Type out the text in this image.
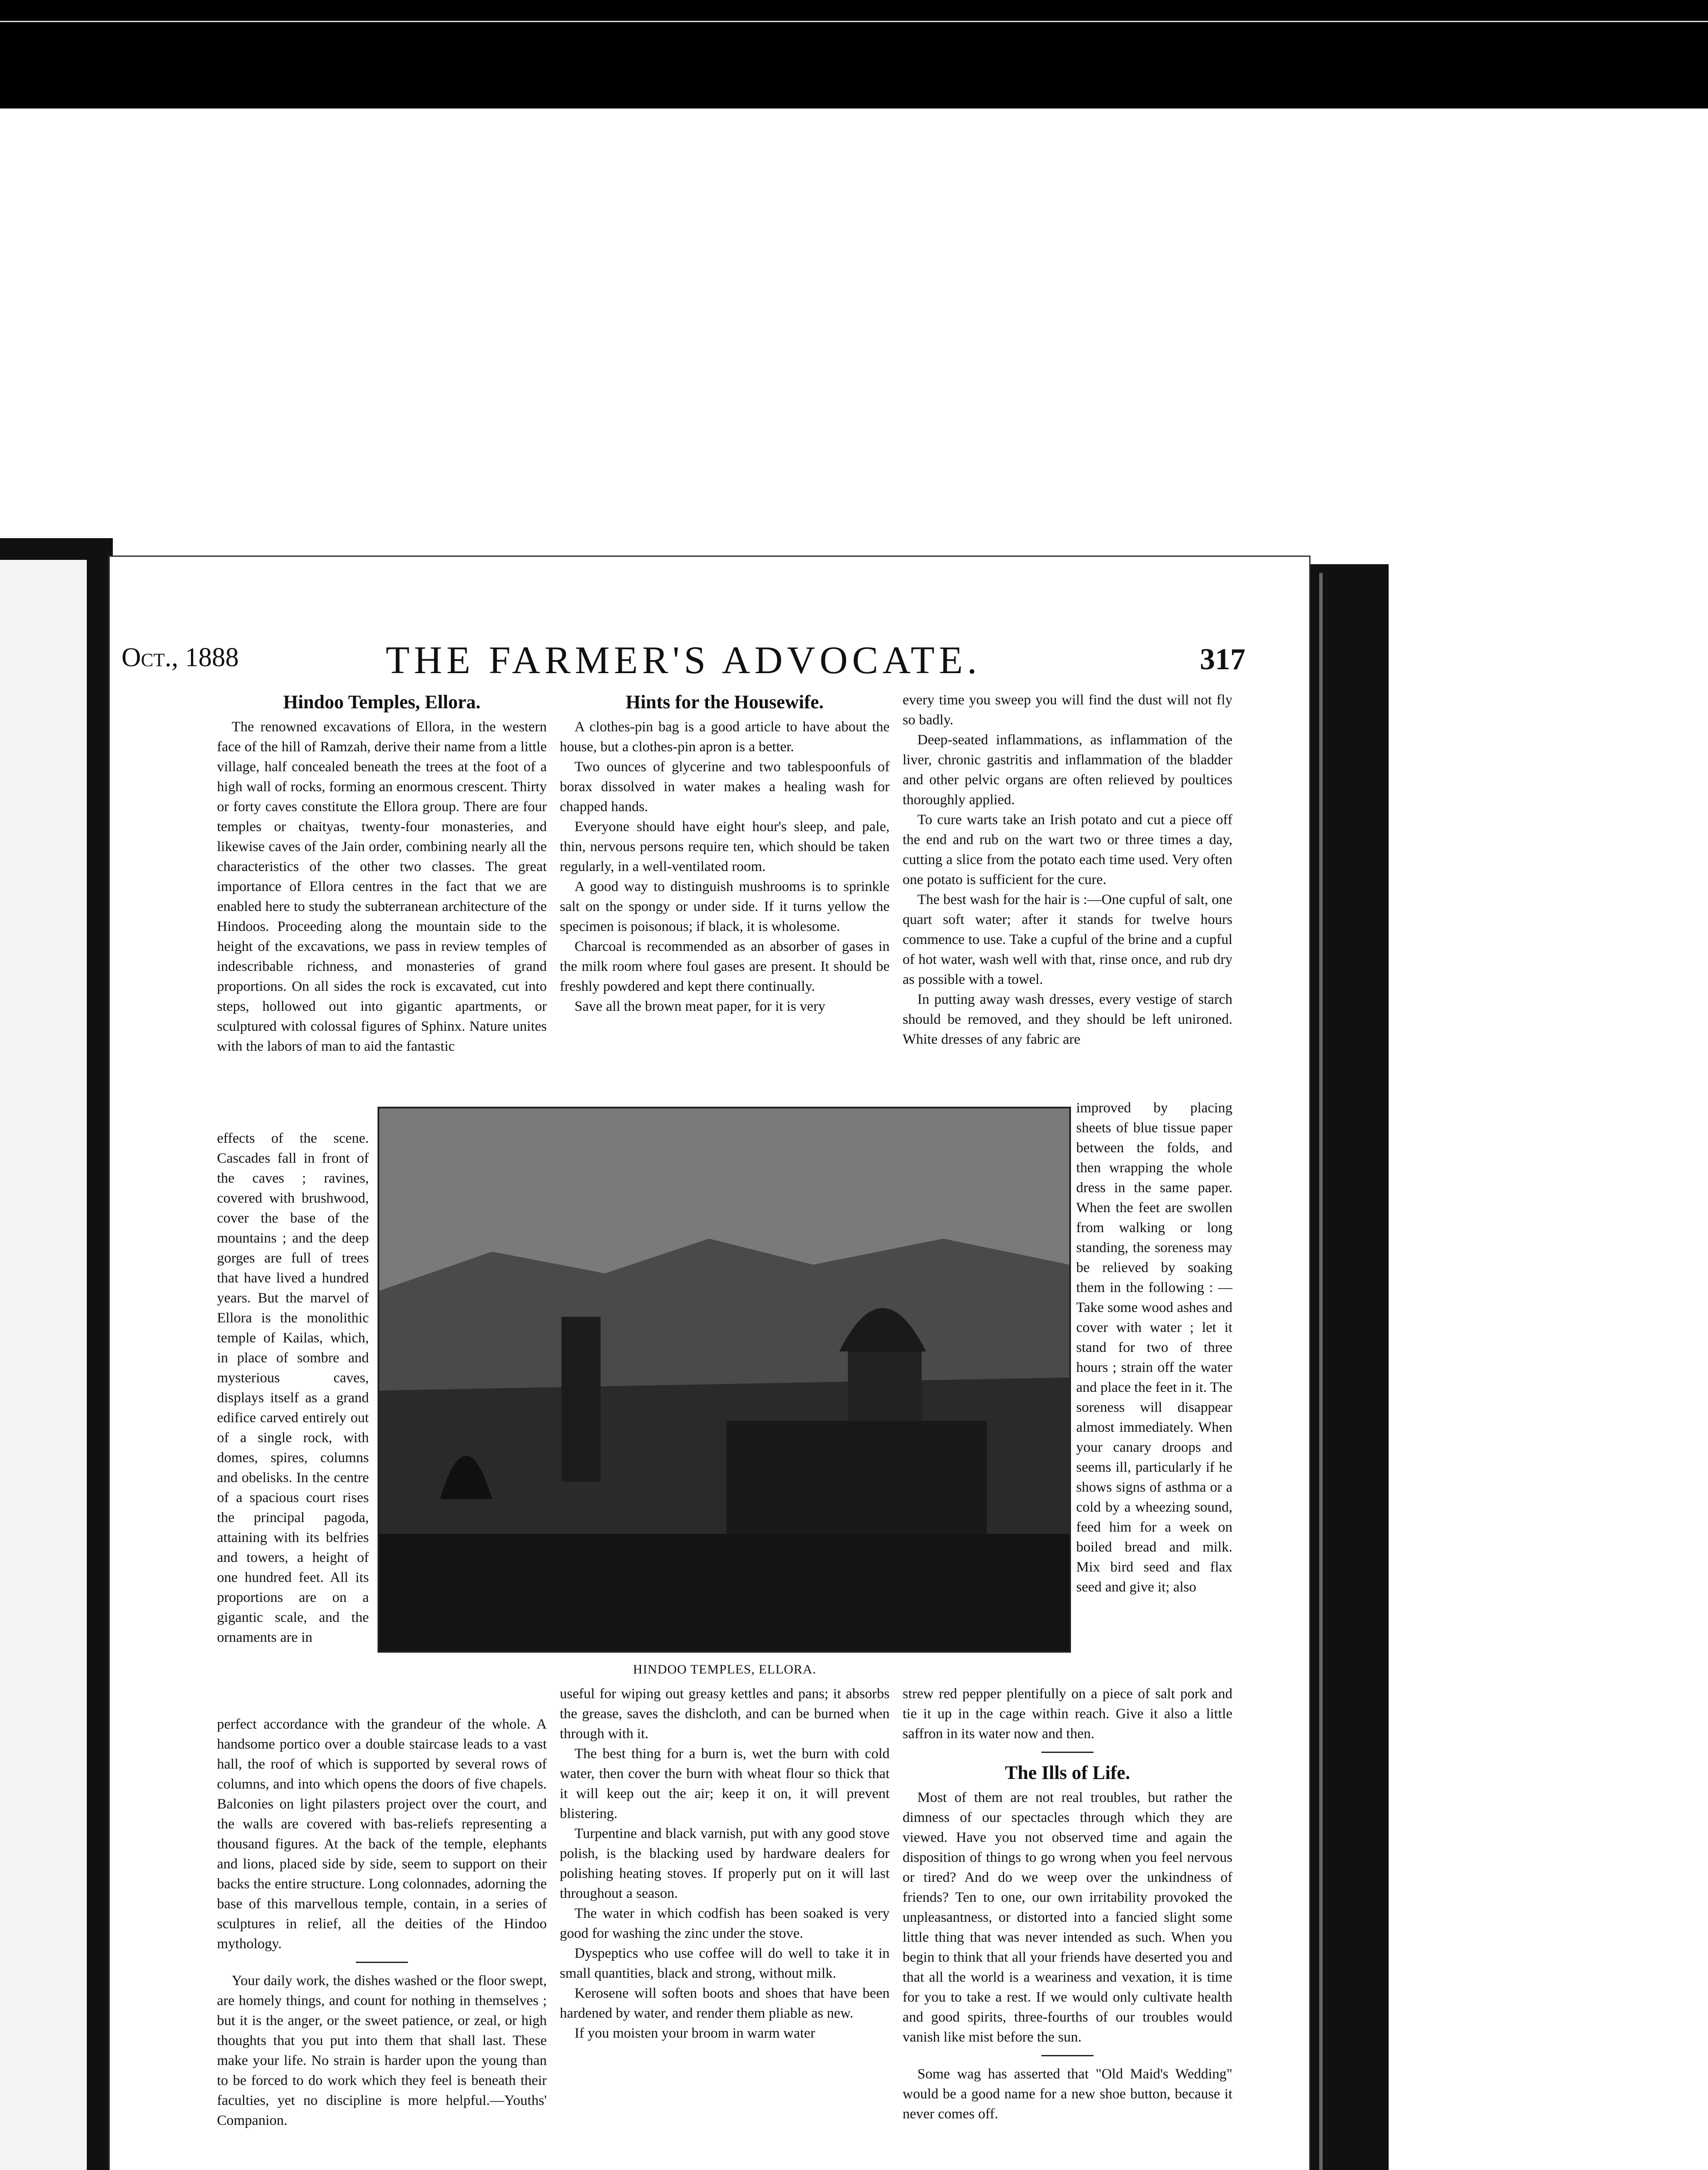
Oct., 1888	THE FARMER'S ADVOCATE.	317
Hindoo Temples, Ellora.

The renowned excavations of Ellora, in the western face of the hill of Ramzah, derive their name from a little village, half concealed beneath the trees at the foot of a high wall of rocks, forming an enormous crescent. Thirty or forty caves constitute the Ellora group. There are four temples or chaityas, twenty-four monasteries, and likewise caves of the Jain order, combining nearly all the characteristics of the other two classes. The great importance of Ellora centres in the fact that we are enabled here to study the subterranean architecture of the Hindoos. Proceeding along the mountain side to the height of the excavations, we pass in review temples of indescribable richness, and monasteries of grand proportions. On all sides the rock is excavated, cut into steps, hollowed out into gigantic apartments, or sculptured with colossal figures of Sphinx. Nature unites with the labors of man to aid the fantastic

effects of the scene. Cascades fall in front of the caves ; ravines, covered with brushwood, cover the base of the mountains ; and the deep gorges are full of trees that have lived a hundred years. But the marvel of Ellora is the monolithic temple of Kailas, which, in place of sombre and mysterious caves, displays itself as a grand edifice carved entirely out of a single rock, with domes, spires, columns and obelisks. In the centre of a spacious court rises the principal pagoda, attaining with its belfries and towers, a height of one hundred feet. All its proportions are on a gigantic scale, and the ornaments are in

perfect accordance with the grandeur of the whole. A handsome portico over a double staircase leads to a vast hall, the roof of which is supported by several rows of columns, and into which opens the doors of five chapels. Balconies on light pilasters project over the court, and the walls are covered with bas-reliefs representing a thousand figures. At the back of the temple, elephants and lions, placed side by side, seem to support on their backs the entire structure. Long colonnades, adorning the base of this marvellous temple, contain, in a series of sculptures in relief, all the deities of the Hindoo mythology.

Your daily work, the dishes washed or the floor swept, are homely things, and count for nothing in themselves ; but it is the anger, or the sweet patience, or zeal, or high thoughts that you put into them that shall last. These make your life. No strain is harder upon the young than to be forced to do work which they feel is beneath their faculties, yet no discipline is more helpful.—Youths' Companion.

Hints for the Housewife.

A clothes-pin bag is a good article to have about the house, but a clothes-pin apron is a better.

Two ounces of glycerine and two tablespoonfuls of borax dissolved in water makes a healing wash for chapped hands.

Everyone should have eight hour's sleep, and pale, thin, nervous persons require ten, which should be taken regularly, in a well-ventilated room.

A good way to distinguish mushrooms is to sprinkle salt on the spongy or under side. If it turns yellow the specimen is poisonous; if black, it is wholesome.

Charcoal is recommended as an absorber of gases in the milk room where foul gases are present. It should be freshly powdered and kept there continually.

Save all the brown meat paper, for it is very

useful for wiping out greasy kettles and pans; it absorbs the grease, saves the dishcloth, and can be burned when through with it.

The best thing for a burn is, wet the burn with cold water, then cover the burn with wheat flour so thick that it will keep out the air; keep it on, it will prevent blistering.

Turpentine and black varnish, put with any good stove polish, is the blacking used by hardware dealers for polishing heating stoves. If properly put on it will last throughout a season.

The water in which codfish has been soaked is very good for washing the zinc under the stove.

Dyspeptics who use coffee will do well to take it in small quantities, black and strong, without milk.

Kerosene will soften boots and shoes that have been hardened by water, and render them pliable as new.

If you moisten your broom in warm water

every time you sweep you will find the dust will not fly so badly.

Deep-seated inflammations, as inflammation of the liver, chronic gastritis and inflammation of the bladder and other pelvic organs are often relieved by poultices thoroughly applied.

To cure warts take an Irish potato and cut a piece off the end and rub on the wart two or three times a day, cutting a slice from the potato each time used. Very often one potato is sufficient for the cure.

The best wash for the hair is :—One cupful of salt, one quart soft water; after it stands for twelve hours commence to use. Take a cupful of the brine and a cupful of hot water, wash well with that, rinse once, and rub dry as possible with a towel.

In putting away wash dresses, every vestige of starch should be removed, and they should be left unironed. White dresses of any fabric are

improved by placing sheets of blue tissue paper between the folds, and then wrapping the whole dress in the same paper. When the feet are swollen from walking or long standing, the soreness may be relieved by soaking them in the following : — Take some wood ashes and cover with water ; let it stand for two of three hours ; strain off the water and place the feet in it. The soreness will disappear almost immediately. When your canary droops and seems ill, particularly if he shows signs of asthma or a cold by a wheezing sound, feed him for a week on boiled bread and milk. Mix bird seed and flax seed and give it; also

strew red pepper plentifully on a piece of salt pork and tie it up in the cage within reach. Give it also a little saffron in its water now and then.

The Ills of Life.

Most of them are not real troubles, but rather the dimness of our spectacles through which they are viewed. Have you not observed time and again the disposition of things to go wrong when you feel nervous or tired? And do we weep over the unkindness of friends? Ten to one, our own irritability provoked the unpleasantness, or distorted into a fancied slight some little thing that was never intended as such. When you begin to think that all your friends have deserted you and that all the world is a weariness and vexation, it is time for you to take a rest. If we would only cultivate health and good spirits, three-fourths of our troubles would vanish like mist before the sun.

Some wag has asserted that "Old Maid's Wedding" would be a good name for a new shoe button, because it never comes off.

HINDOO TEMPLES, ELLORA.
